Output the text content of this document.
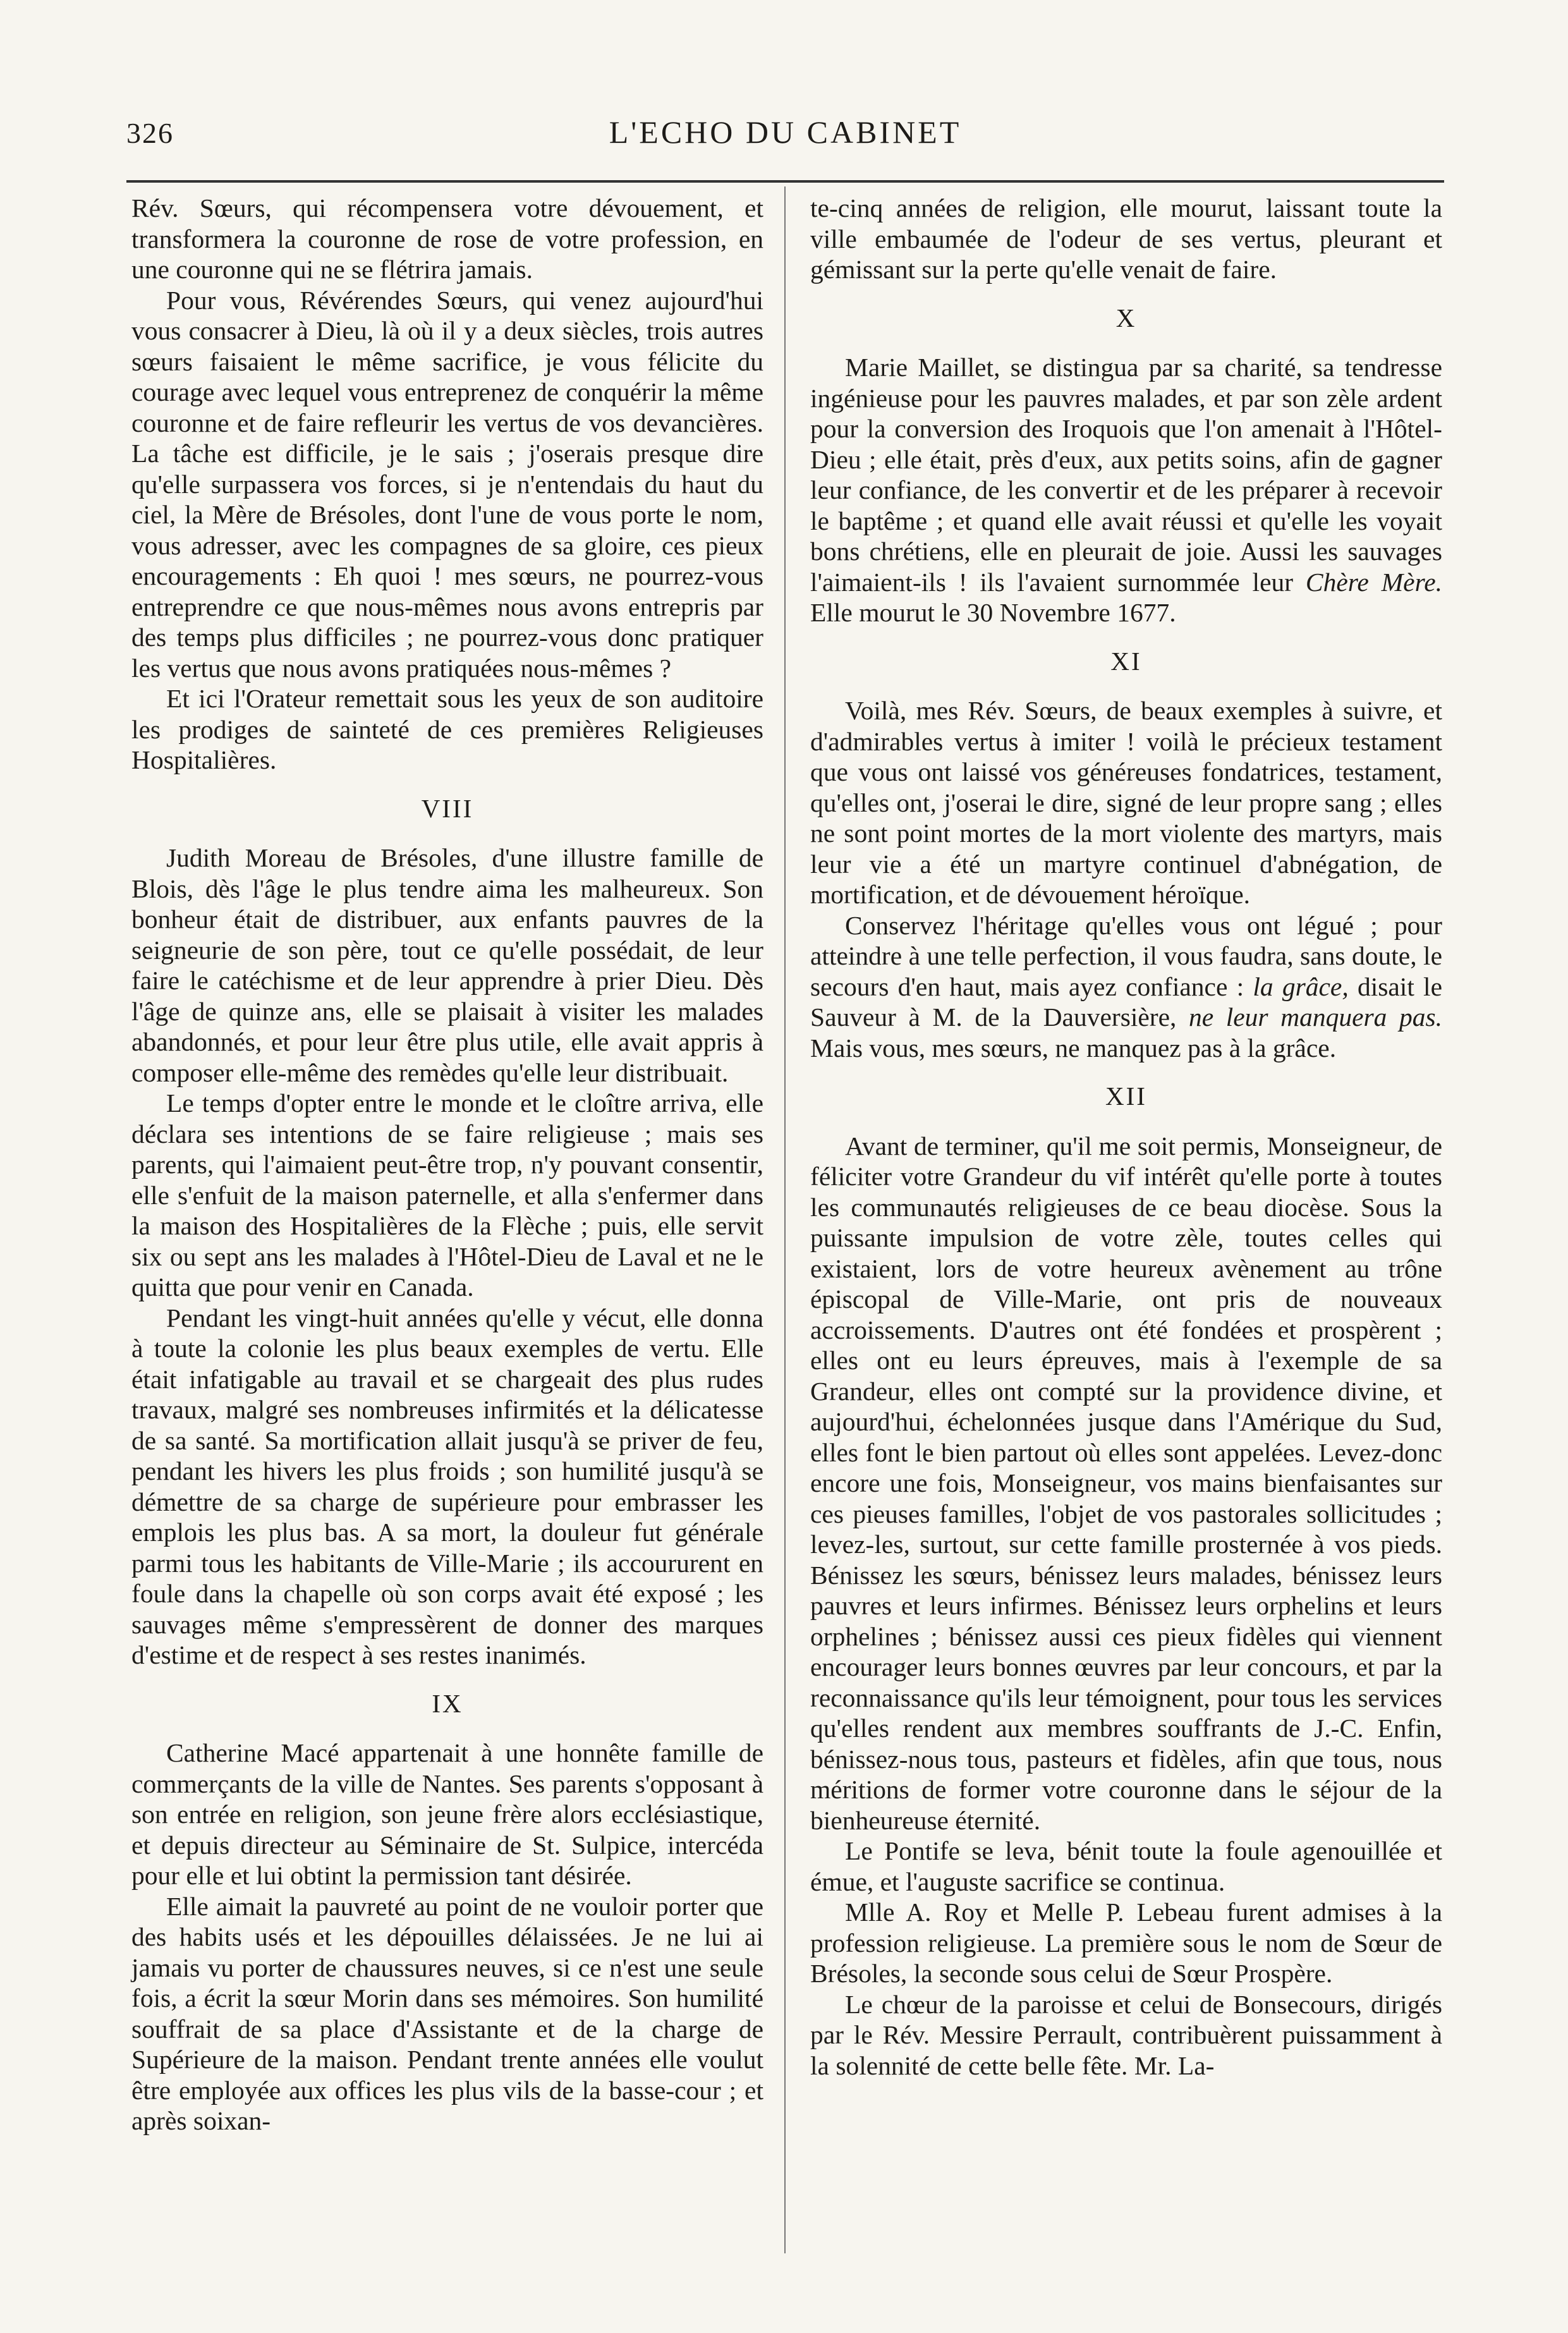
326	L'ECHO DU CABINET

Rév. Sœurs, qui récompensera votre dévouement, et transformera la couronne de rose de votre profession, en une couronne qui ne se flétrira jamais.

Pour vous, Révérendes Sœurs, qui venez aujourd'hui vous consacrer à Dieu, là où il y a deux siècles, trois autres sœurs faisaient le même sacrifice, je vous félicite du courage avec lequel vous entreprenez de conquérir la même couronne et de faire refleurir les vertus de vos devancières. La tâche est difficile, je le sais ; j'oserais presque dire qu'elle surpassera vos forces, si je n'entendais du haut du ciel, la Mère de Brésoles, dont l'une de vous porte le nom, vous adresser, avec les compagnes de sa gloire, ces pieux encouragements : Eh quoi ! mes sœurs, ne pourrez-vous entreprendre ce que nous-mêmes nous avons entrepris par des temps plus difficiles ; ne pourrez-vous donc pratiquer les vertus que nous avons pratiquées nous-mêmes ?

Et ici l'Orateur remettait sous les yeux de son auditoire les prodiges de sainteté de ces premières Religieuses Hospitalières.

VIII

Judith Moreau de Brésoles, d'une illustre famille de Blois, dès l'âge le plus tendre aima les malheureux. Son bonheur était de distribuer, aux enfants pauvres de la seigneurie de son père, tout ce qu'elle possédait, de leur faire le catéchisme et de leur apprendre à prier Dieu. Dès l'âge de quinze ans, elle se plaisait à visiter les malades abandonnés, et pour leur être plus utile, elle avait appris à composer elle-même des remèdes qu'elle leur distribuait.

Le temps d'opter entre le monde et le cloître arriva, elle déclara ses intentions de se faire religieuse ; mais ses parents, qui l'aimaient peut-être trop, n'y pouvant consentir, elle s'enfuit de la maison paternelle, et alla s'enfermer dans la maison des Hospitalières de la Flèche ; puis, elle servit six ou sept ans les malades à l'Hôtel-Dieu de Laval et ne le quitta que pour venir en Canada.

Pendant les vingt-huit années qu'elle y vécut, elle donna à toute la colonie les plus beaux exemples de vertu. Elle était infatigable au travail et se chargeait des plus rudes travaux, malgré ses nombreuses infirmités et la délicatesse de sa santé. Sa mortification allait jusqu'à se priver de feu, pendant les hivers les plus froids ; son humilité jusqu'à se démettre de sa charge de supérieure pour embrasser les emplois les plus bas. A sa mort, la douleur fut générale parmi tous les habitants de Ville-Marie ; ils accoururent en foule dans la chapelle où son corps avait été exposé ; les sauvages même s'empressèrent de donner des marques d'estime et de respect à ses restes inanimés.

IX

Catherine Macé appartenait à une honnête famille de commerçants de la ville de Nantes. Ses parents s'opposant à son entrée en religion, son jeune frère alors ecclésiastique, et depuis directeur au Séminaire de St. Sulpice, intercéda pour elle et lui obtint la permission tant désirée.

Elle aimait la pauvreté au point de ne vouloir porter que des habits usés et les dépouilles délaissées. Je ne lui ai jamais vu porter de chaussures neuves, si ce n'est une seule fois, a écrit la sœur Morin dans ses mémoires. Son humilité souffrait de sa place d'Assistante et de la charge de Supérieure de la maison. Pendant trente années elle voulut être employée aux offices les plus vils de la basse-cour ; et après soixan-

te-cinq années de religion, elle mourut, laissant toute la ville embaumée de l'odeur de ses vertus, pleurant et gémissant sur la perte qu'elle venait de faire.

X

Marie Maillet, se distingua par sa charité, sa tendresse ingénieuse pour les pauvres malades, et par son zèle ardent pour la conversion des Iroquois que l'on amenait à l'Hôtel-Dieu ; elle était, près d'eux, aux petits soins, afin de gagner leur confiance, de les convertir et de les préparer à recevoir le baptême ; et quand elle avait réussi et qu'elle les voyait bons chrétiens, elle en pleurait de joie. Aussi les sauvages l'aimaient-ils ! ils l'avaient surnommée leur Chère Mère. Elle mourut le 30 Novembre 1677.

XI

Voilà, mes Rév. Sœurs, de beaux exemples à suivre, et d'admirables vertus à imiter ! voilà le précieux testament que vous ont laissé vos généreuses fondatrices, testament, qu'elles ont, j'oserai le dire, signé de leur propre sang ; elles ne sont point mortes de la mort violente des martyrs, mais leur vie a été un martyre continuel d'abnégation, de mortification, et de dévouement héroïque.

Conservez l'héritage qu'elles vous ont légué ; pour atteindre à une telle perfection, il vous faudra, sans doute, le secours d'en haut, mais ayez confiance : la grâce, disait le Sauveur à M. de la Dauversière, ne leur manquera pas. Mais vous, mes sœurs, ne manquez pas à la grâce.

XII

Avant de terminer, qu'il me soit permis, Monseigneur, de féliciter votre Grandeur du vif intérêt qu'elle porte à toutes les communautés religieuses de ce beau diocèse. Sous la puissante impulsion de votre zèle, toutes celles qui existaient, lors de votre heureux avènement au trône épiscopal de Ville-Marie, ont pris de nouveaux accroissements. D'autres ont été fondées et prospèrent ; elles ont eu leurs épreuves, mais à l'exemple de sa Grandeur, elles ont compté sur la providence divine, et aujourd'hui, échelonnées jusque dans l'Amérique du Sud, elles font le bien partout où elles sont appelées. Levez-donc encore une fois, Monseigneur, vos mains bienfaisantes sur ces pieuses familles, l'objet de vos pastorales sollicitudes ; levez-les, surtout, sur cette famille prosternée à vos pieds. Bénissez les sœurs, bénissez leurs malades, bénissez leurs pauvres et leurs infirmes. Bénissez leurs orphelins et leurs orphelines ; bénissez aussi ces pieux fidèles qui viennent encourager leurs bonnes œuvres par leur concours, et par la reconnaissance qu'ils leur témoignent, pour tous les services qu'elles rendent aux membres souffrants de J.-C. Enfin, bénissez-nous tous, pasteurs et fidèles, afin que tous, nous méritions de former votre couronne dans le séjour de la bienheureuse éternité.

Le Pontife se leva, bénit toute la foule agenouillée et émue, et l'auguste sacrifice se continua.

Mlle A. Roy et Melle P. Lebeau furent admises à la profession religieuse. La première sous le nom de Sœur de Brésoles, la seconde sous celui de Sœur Prospère.

Le chœur de la paroisse et celui de Bonsecours, dirigés par le Rév. Messire Perrault, contribuèrent puissamment à la solennité de cette belle fête. Mr. La-
